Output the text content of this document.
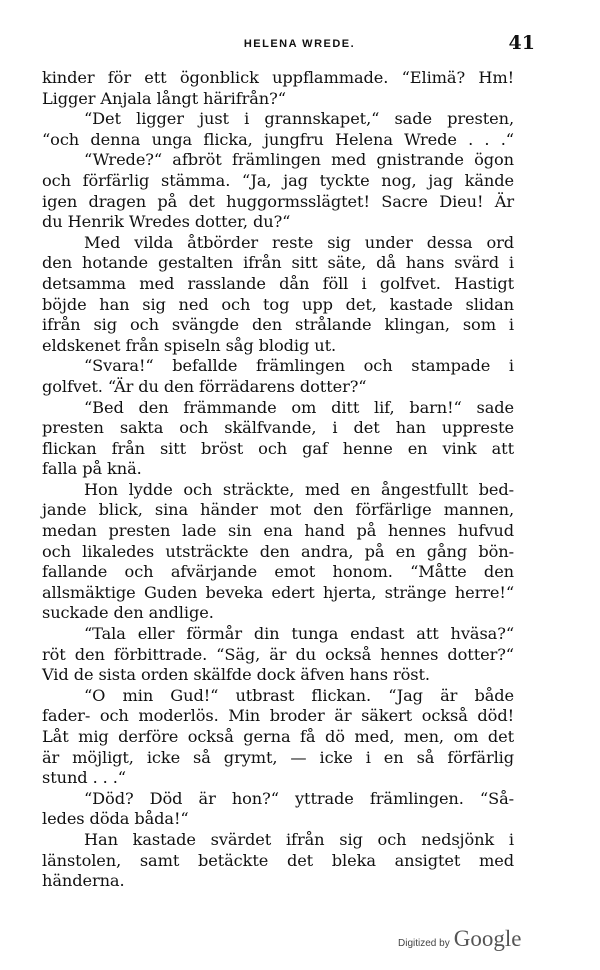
HELENA WREDE.	41
kinder för ett ögonblick uppflammade. “Elimä? Hm!
Ligger Anjala långt härifrån?“
“Det ligger just i grannskapet,“ sade presten,
“och denna unga flicka, jungfru Helena Wrede . . .“
“Wrede?“ afbröt främlingen med gnistrande ögon
och förfärlig stämma. “Ja, jag tyckte nog, jag kände
igen dragen på det huggormsslägtet! Sacre Dieu! Är
du Henrik Wredes dotter, du?“
Med vilda åtbörder reste sig under dessa ord
den hotande gestalten ifrån sitt säte, då hans svärd i
detsamma med rasslande dån föll i golfvet. Hastigt
böjde han sig ned och tog upp det, kastade slidan
ifrån sig och svängde den strålande klingan, som i
eldskenet från spiseln såg blodig ut.
“Svara!“ befallde främlingen och stampade i
golfvet. “Är du den förrädarens dotter?“
“Bed den främmande om ditt lif, barn!“ sade
presten sakta och skälfvande, i det han uppreste
flickan från sitt bröst och gaf henne en vink att
falla på knä.
Hon lydde och sträckte, med en ångestfullt bed-
jande blick, sina händer mot den förfärlige mannen,
medan presten lade sin ena hand på hennes hufvud
och likaledes utsträckte den andra, på en gång bön-
fallande och afvärjande emot honom. “Måtte den
allsmäktige Guden beveka edert hjerta, stränge herre!“
suckade den andlige.
“Tala eller förmår din tunga endast att hväsa?“
röt den förbittrade. “Säg, är du också hennes dotter?“
Vid de sista orden skälfde dock äfven hans röst.
“O min Gud!“ utbrast flickan. “Jag är både
fader- och moderlös. Min broder är säkert också död!
Låt mig derföre också gerna få dö med, men, om det
är möjligt, icke så grymt, — icke i en så förfärlig
stund . . .“
“Död? Död är hon?“ yttrade främlingen. “Så-
ledes döda båda!“
Han kastade svärdet ifrån sig och nedsjönk i
länstolen, samt betäckte det bleka ansigtet med
händerna.
Digitized by Google
